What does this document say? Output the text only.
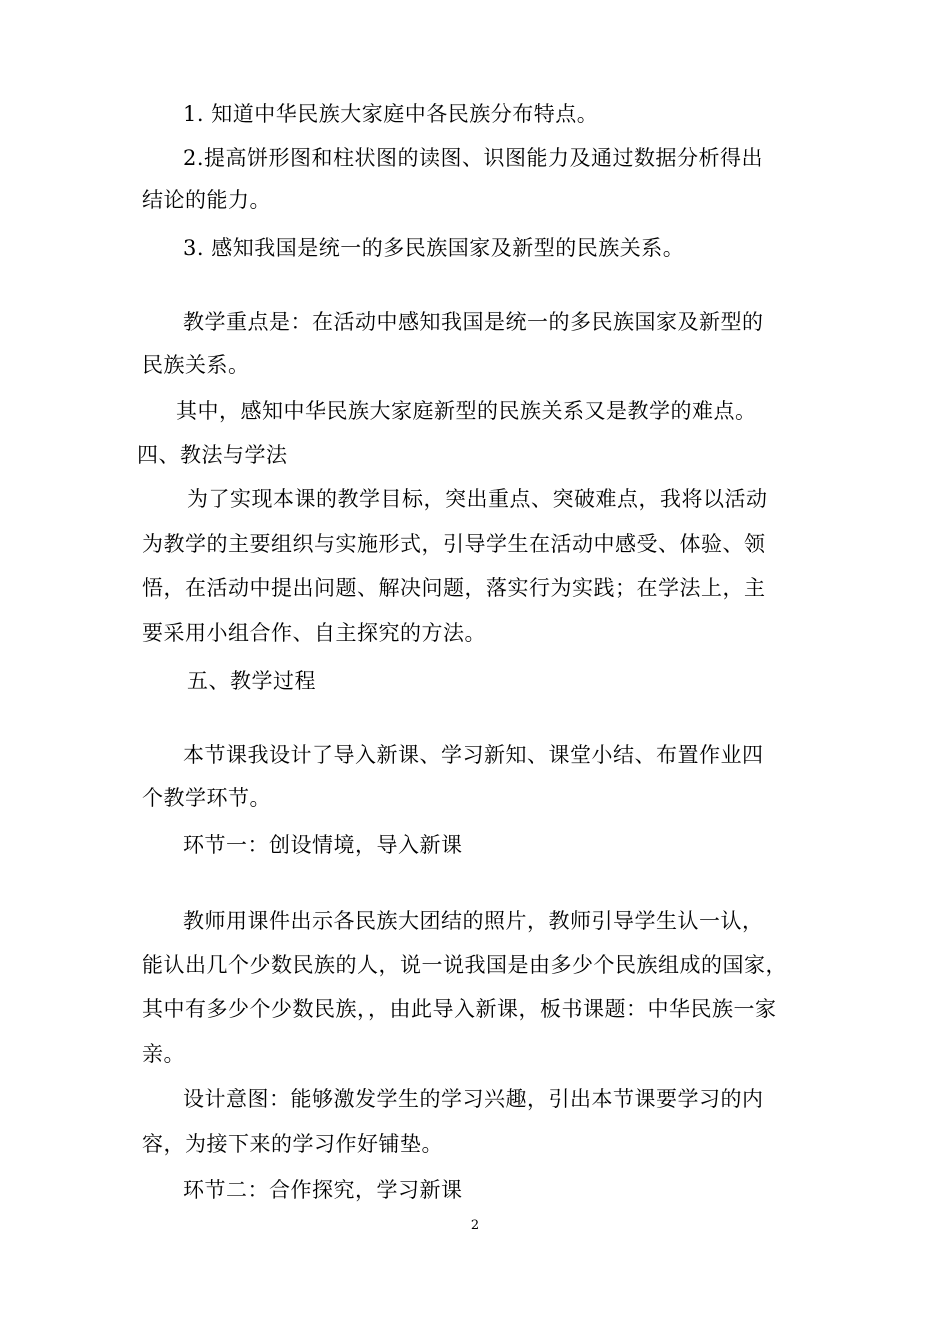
1. 知道中华民族大家庭中各民族分布特点。
2.提高饼形图和柱状图的读图、识图能力及通过数据分析得出
结论的能力。
3. 感知我国是统一的多民族国家及新型的民族关系。
教学重点是：在活动中感知我国是统一的多民族国家及新型的
民族关系。
其中，感知中华民族大家庭新型的民族关系又是教学的难点。
四、教法与学法
为了实现本课的教学目标，突出重点、突破难点，我将以活动
为教学的主要组织与实施形式，引导学生在活动中感受、体验、领
悟，在活动中提出问题、解决问题，落实行为实践；在学法上，主
要采用小组合作、自主探究的方法。
五、教学过程
本节课我设计了导入新课、学习新知、课堂小结、布置作业四
个教学环节。
环节一：创设情境，导入新课
教师用课件出示各民族大团结的照片，教师引导学生认一认，
能认出几个少数民族的人，说一说我国是由多少个民族组成的国家，
其中有多少个少数民族，，由此导入新课，板书课题：中华民族一家
亲。
设计意图：能够激发学生的学习兴趣，引出本节课要学习的内
容，为接下来的学习作好铺垫。
环节二：合作探究，学习新课
2
